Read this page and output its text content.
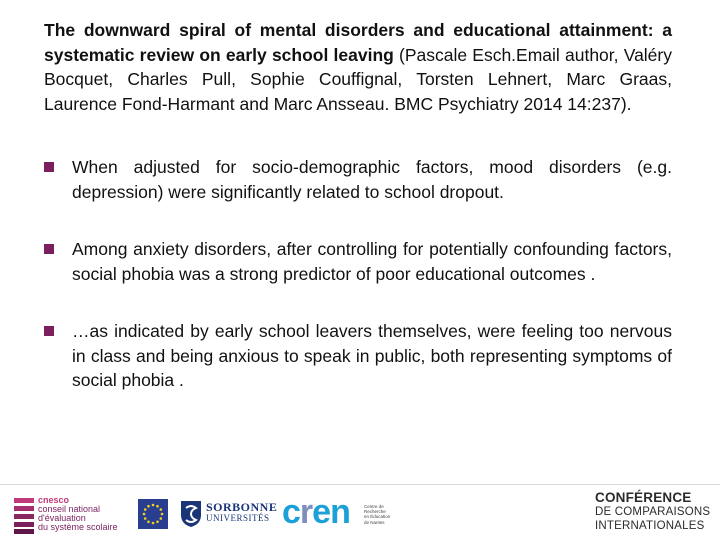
The downward spiral of mental disorders and educational attainment: a systematic review on early school leaving (Pascale Esch.Email author, Valéry Bocquet, Charles Pull, Sophie Couffignal, Torsten Lehnert, Marc Graas, Laurence Fond-Harmant and Marc Ansseau. BMC Psychiatry 2014 14:237).

When adjusted for socio-demographic factors, mood disorders (e.g. depression) were significantly related to school dropout.
Among anxiety disorders, after controlling for potentially confounding factors, social phobia was a strong predictor of poor educational outcomes .
…as indicated by early school leavers themselves, were feeling too nervous in class and being anxious to speak in public, both representing symptoms of social phobia .
cnesco
conseil national
d'évaluation
du système scolaire
SORBONNE
UNIVERSITÉS cren	Centre de Recherche en Éducation de Nantes
CONFÉRENCE
DE COMPARAISONS
INTERNATIONALES
